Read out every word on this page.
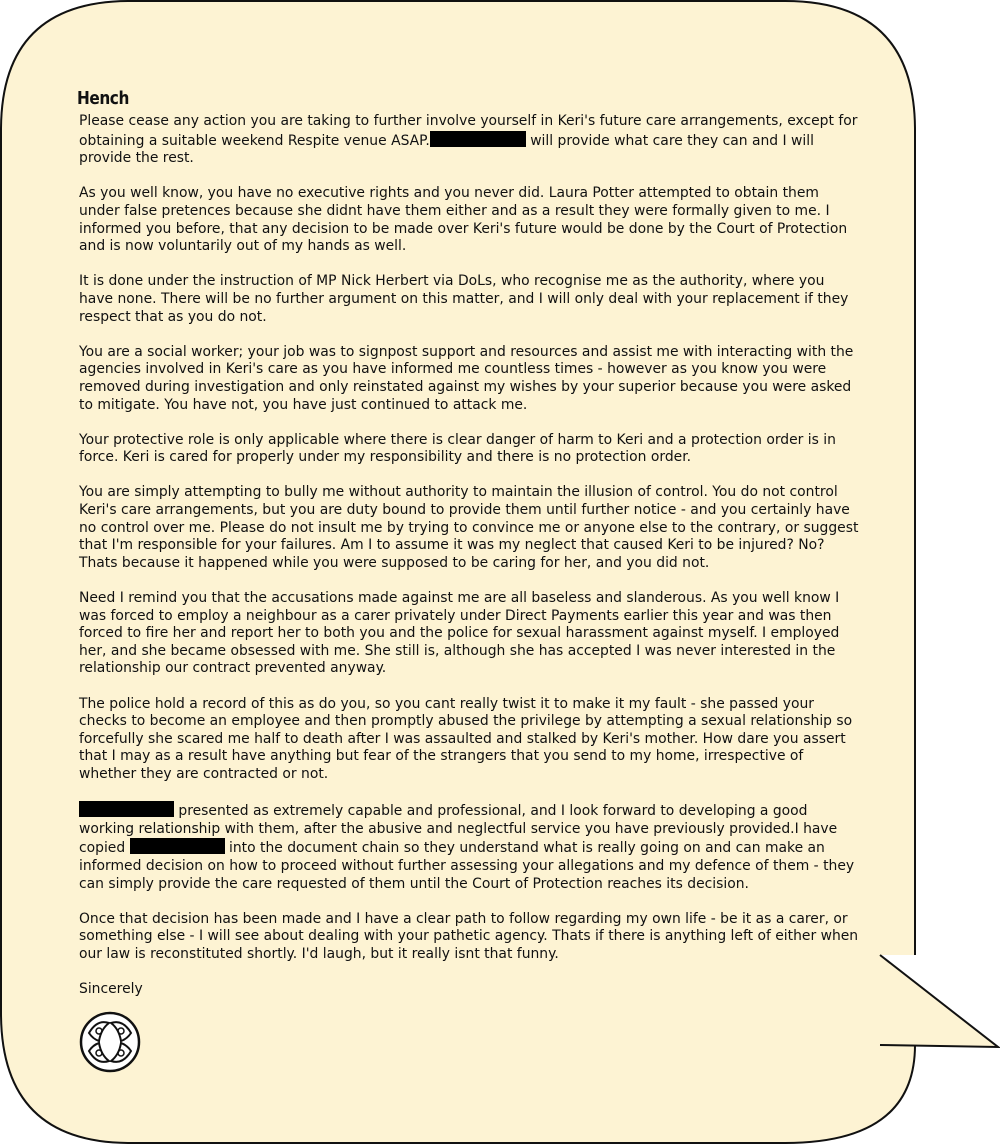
Hench

Please cease any action you are taking to further involve yourself in Keri's future care arrangements, except for obtaining a suitable weekend Respite venue ASAP.	will provide what care they can and I will provide the rest.

As you well know, you have no executive rights and you never did. Laura Potter attempted to obtain them under false pretences because she didnt have them either and as a result they were formally given to me. I informed you before, that any decision to be made over Keri's future would be done by the Court of Protection and is now voluntarily out of my hands as well.

It is done under the instruction of MP Nick Herbert via DoLs, who recognise me as the authority, where you have none. There will be no further argument on this matter, and I will only deal with your replacement if they respect that as you do not.

You are a social worker; your job was to signpost support and resources and assist me with interacting with the agencies involved in Keri's care as you have informed me countless times - however as you know you were removed during investigation and only reinstated against my wishes by your superior because you were asked to mitigate. You have not, you have just continued to attack me.

Your protective role is only applicable where there is clear danger of harm to Keri and a protection order is in force. Keri is cared for properly under my responsibility and there is no protection order.

You are simply attempting to bully me without authority to maintain the illusion of control. You do not control Keri's care arrangements, but you are duty bound to provide them until further notice - and you certainly have no control over me. Please do not insult me by trying to convince me or anyone else to the contrary, or suggest that I'm responsible for your failures. Am I to assume it was my neglect that caused Keri to be injured? No? Thats because it happened while you were supposed to be caring for her, and you did not.

Need I remind you that the accusations made against me are all baseless and slanderous. As you well know I was forced to employ a neighbour as a carer privately under Direct Payments earlier this year and was then forced to fire her and report her to both you and the police for sexual harassment against myself. I employed her, and she became obsessed with me. She still is, although she has accepted I was never interested in the relationship our contract prevented anyway.

The police hold a record of this as do you, so you cant really twist it to make it my fault - she passed your checks to become an employee and then promptly abused the privilege by attempting a sexual relationship so forcefully she scared me half to death after I was assaulted and stalked by Keri's mother. How dare you assert that I may as a result have anything but fear of the strangers that you send to my home, irrespective of whether they are contracted or not.

presented as extremely capable and professional, and I look forward to developing a good working relationship with them, after the abusive and neglectful service you have previously provided.I have copied	into the document chain so they understand what is really going on and can make an informed decision on how to proceed without further assessing your allegations and my defence of them - they can simply provide the care requested of them until the Court of Protection reaches its decision.

Once that decision has been made and I have a clear path to follow regarding my own life - be it as a carer, or something else - I will see about dealing with your pathetic agency. Thats if there is anything left of either when our law is reconstituted shortly. I'd laugh, but it really isnt that funny.

Sincerely
